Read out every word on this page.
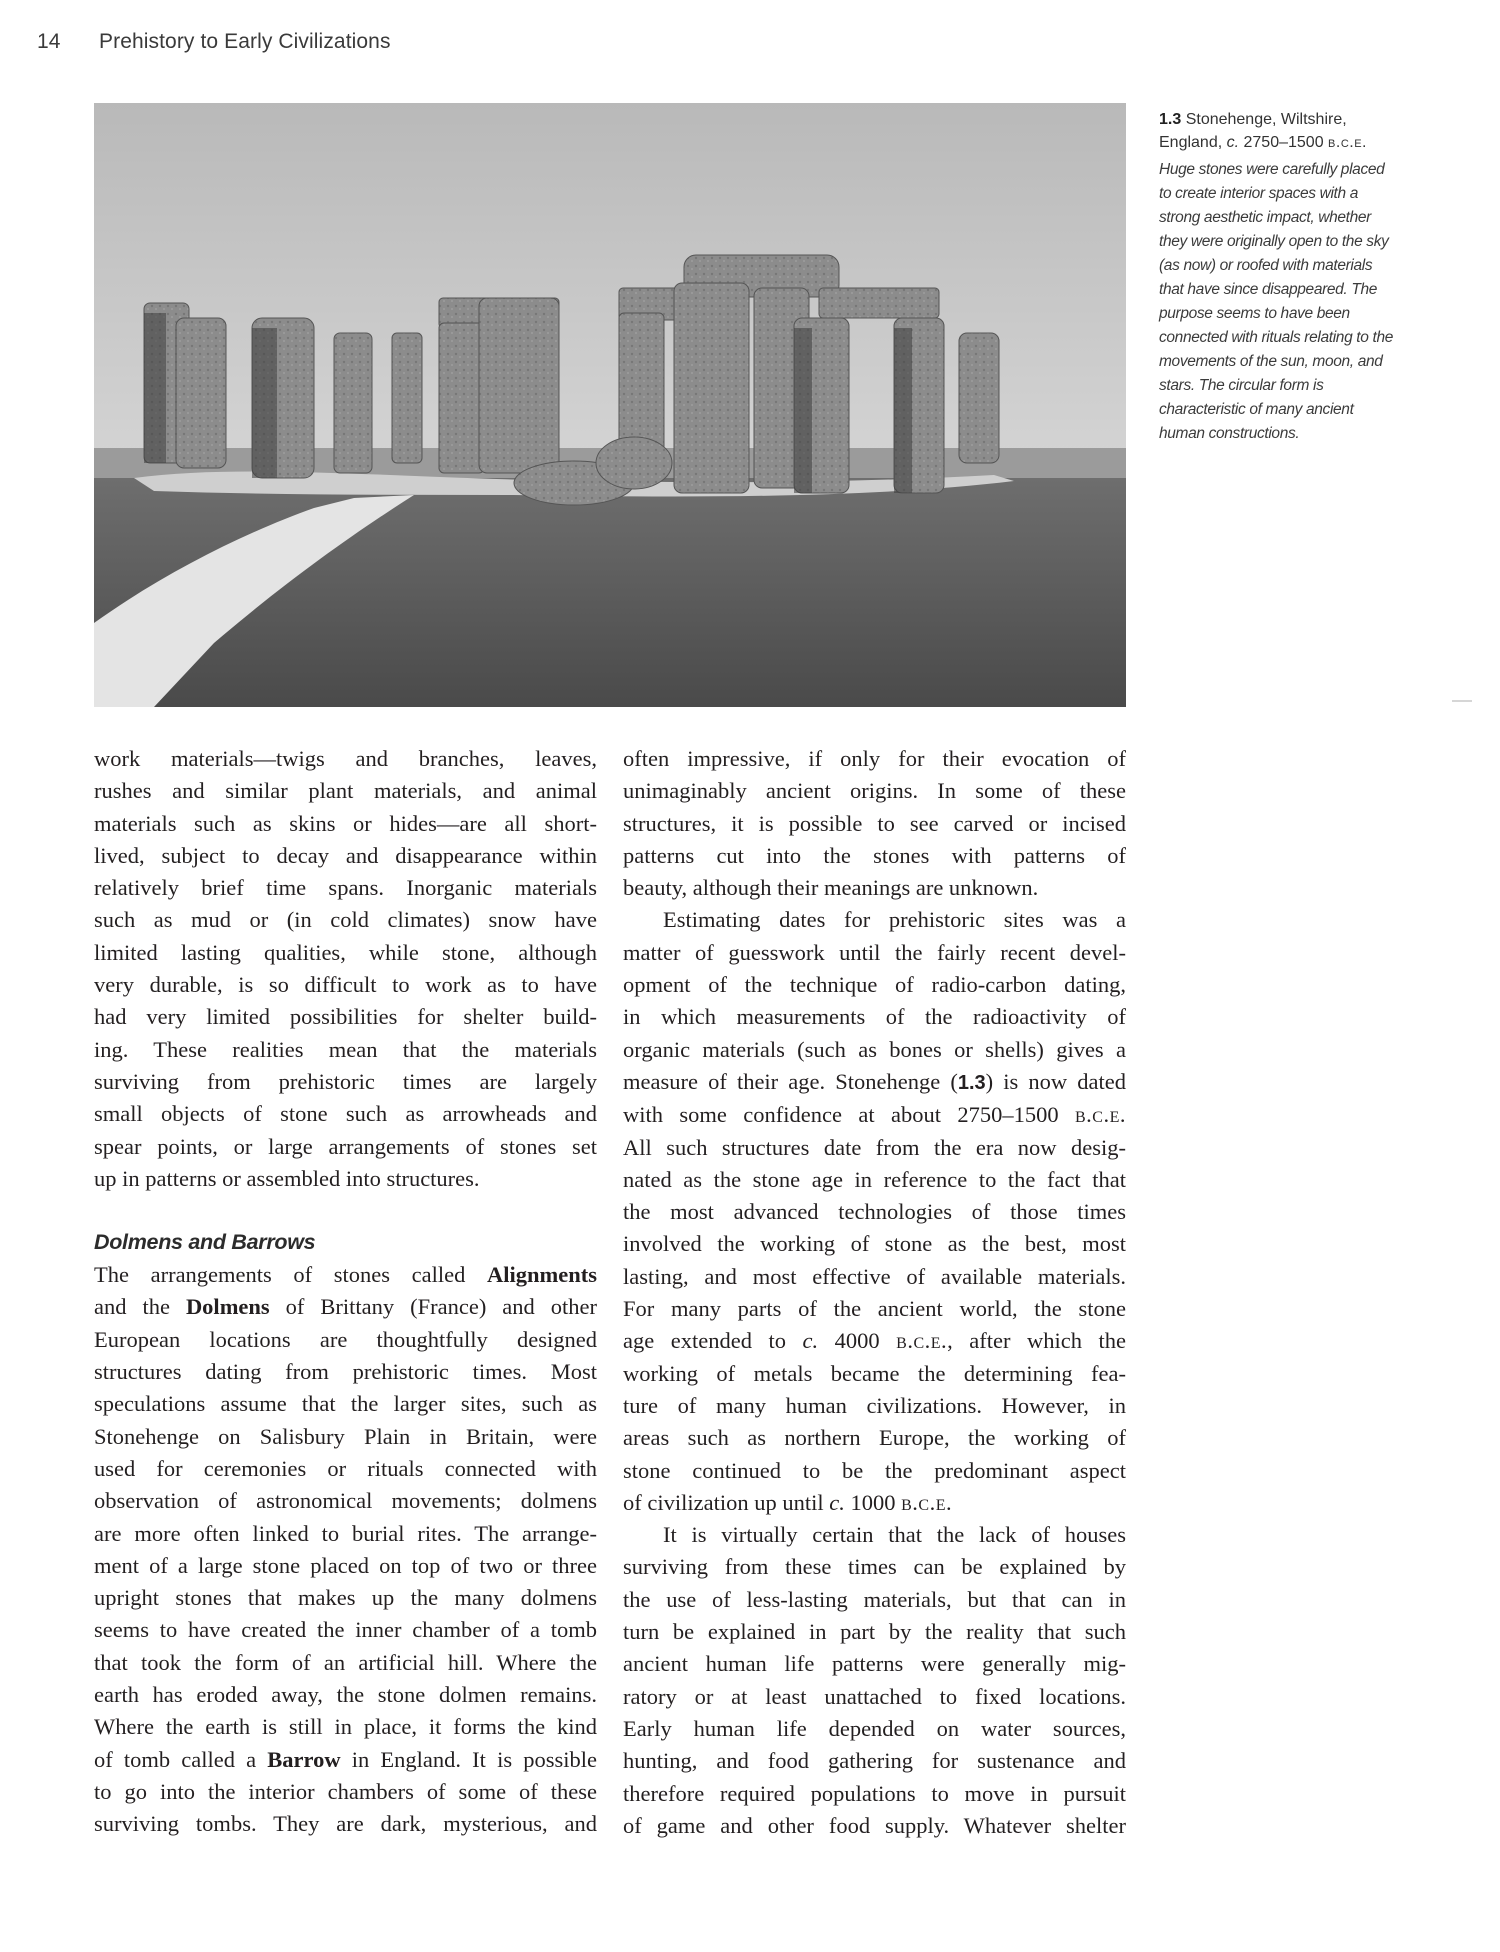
14 Prehistory to Early Civilizations
1.3 Stonehenge, Wiltshire, England, c. 2750–1500 b.c.e.
Huge stones were carefully placed to create interior spaces with a strong aesthetic impact, whether they were originally open to the sky (as now) or roofed with materials that have since disappeared. The purpose seems to have been connected with rituals relating to the movements of the sun, moon, and stars. The circular form is characteristic of many ancient human constructions.

work materials—twigs and branches, leaves,
rushes and similar plant materials, and animal
materials such as skins or hides—are all short-
lived, subject to decay and disappearance within
relatively brief time spans. Inorganic materials
such as mud or (in cold climates) snow have
limited lasting qualities, while stone, although
very durable, is so difficult to work as to have
had very limited possibilities for shelter build-
ing. These realities mean that the materials
surviving from prehistoric times are largely
small objects of stone such as arrowheads and
spear points, or large arrangements of stones set
up in patterns or assembled into structures.

Dolmens and Barrows

The arrangements of stones called Alignments
and the Dolmens of Brittany (France) and other
European locations are thoughtfully designed
structures dating from prehistoric times. Most
speculations assume that the larger sites, such as
Stonehenge on Salisbury Plain in Britain, were
used for ceremonies or rituals connected with
observation of astronomical movements; dolmens
are more often linked to burial rites. The arrange-
ment of a large stone placed on top of two or three
upright stones that makes up the many dolmens
seems to have created the inner chamber of a tomb
that took the form of an artificial hill. Where the
earth has eroded away, the stone dolmen remains.
Where the earth is still in place, it forms the kind
of tomb called a Barrow in England. It is possible
to go into the interior chambers of some of these
surviving tombs. They are dark, mysterious, and

often impressive, if only for their evocation of
unimaginably ancient origins. In some of these
structures, it is possible to see carved or incised
patterns cut into the stones with patterns of
beauty, although their meanings are unknown.

Estimating dates for prehistoric sites was a
matter of guesswork until the fairly recent devel-
opment of the technique of radio-carbon dating,
in which measurements of the radioactivity of
organic materials (such as bones or shells) gives a
measure of their age. Stonehenge (1.3) is now dated
with some confidence at about 2750–1500 b.c.e.
All such structures date from the era now desig-
nated as the stone age in reference to the fact that
the most advanced technologies of those times
involved the working of stone as the best, most
lasting, and most effective of available materials.
For many parts of the ancient world, the stone
age extended to c. 4000 b.c.e., after which the
working of metals became the determining fea-
ture of many human civilizations. However, in
areas such as northern Europe, the working of
stone continued to be the predominant aspect
of civilization up until c. 1000 b.c.e.

It is virtually certain that the lack of houses
surviving from these times can be explained by
the use of less-lasting materials, but that can in
turn be explained in part by the reality that such
ancient human life patterns were generally mig-
ratory or at least unattached to fixed locations.
Early human life depended on water sources,
hunting, and food gathering for sustenance and
therefore required populations to move in pursuit
of game and other food supply. Whatever shelter
